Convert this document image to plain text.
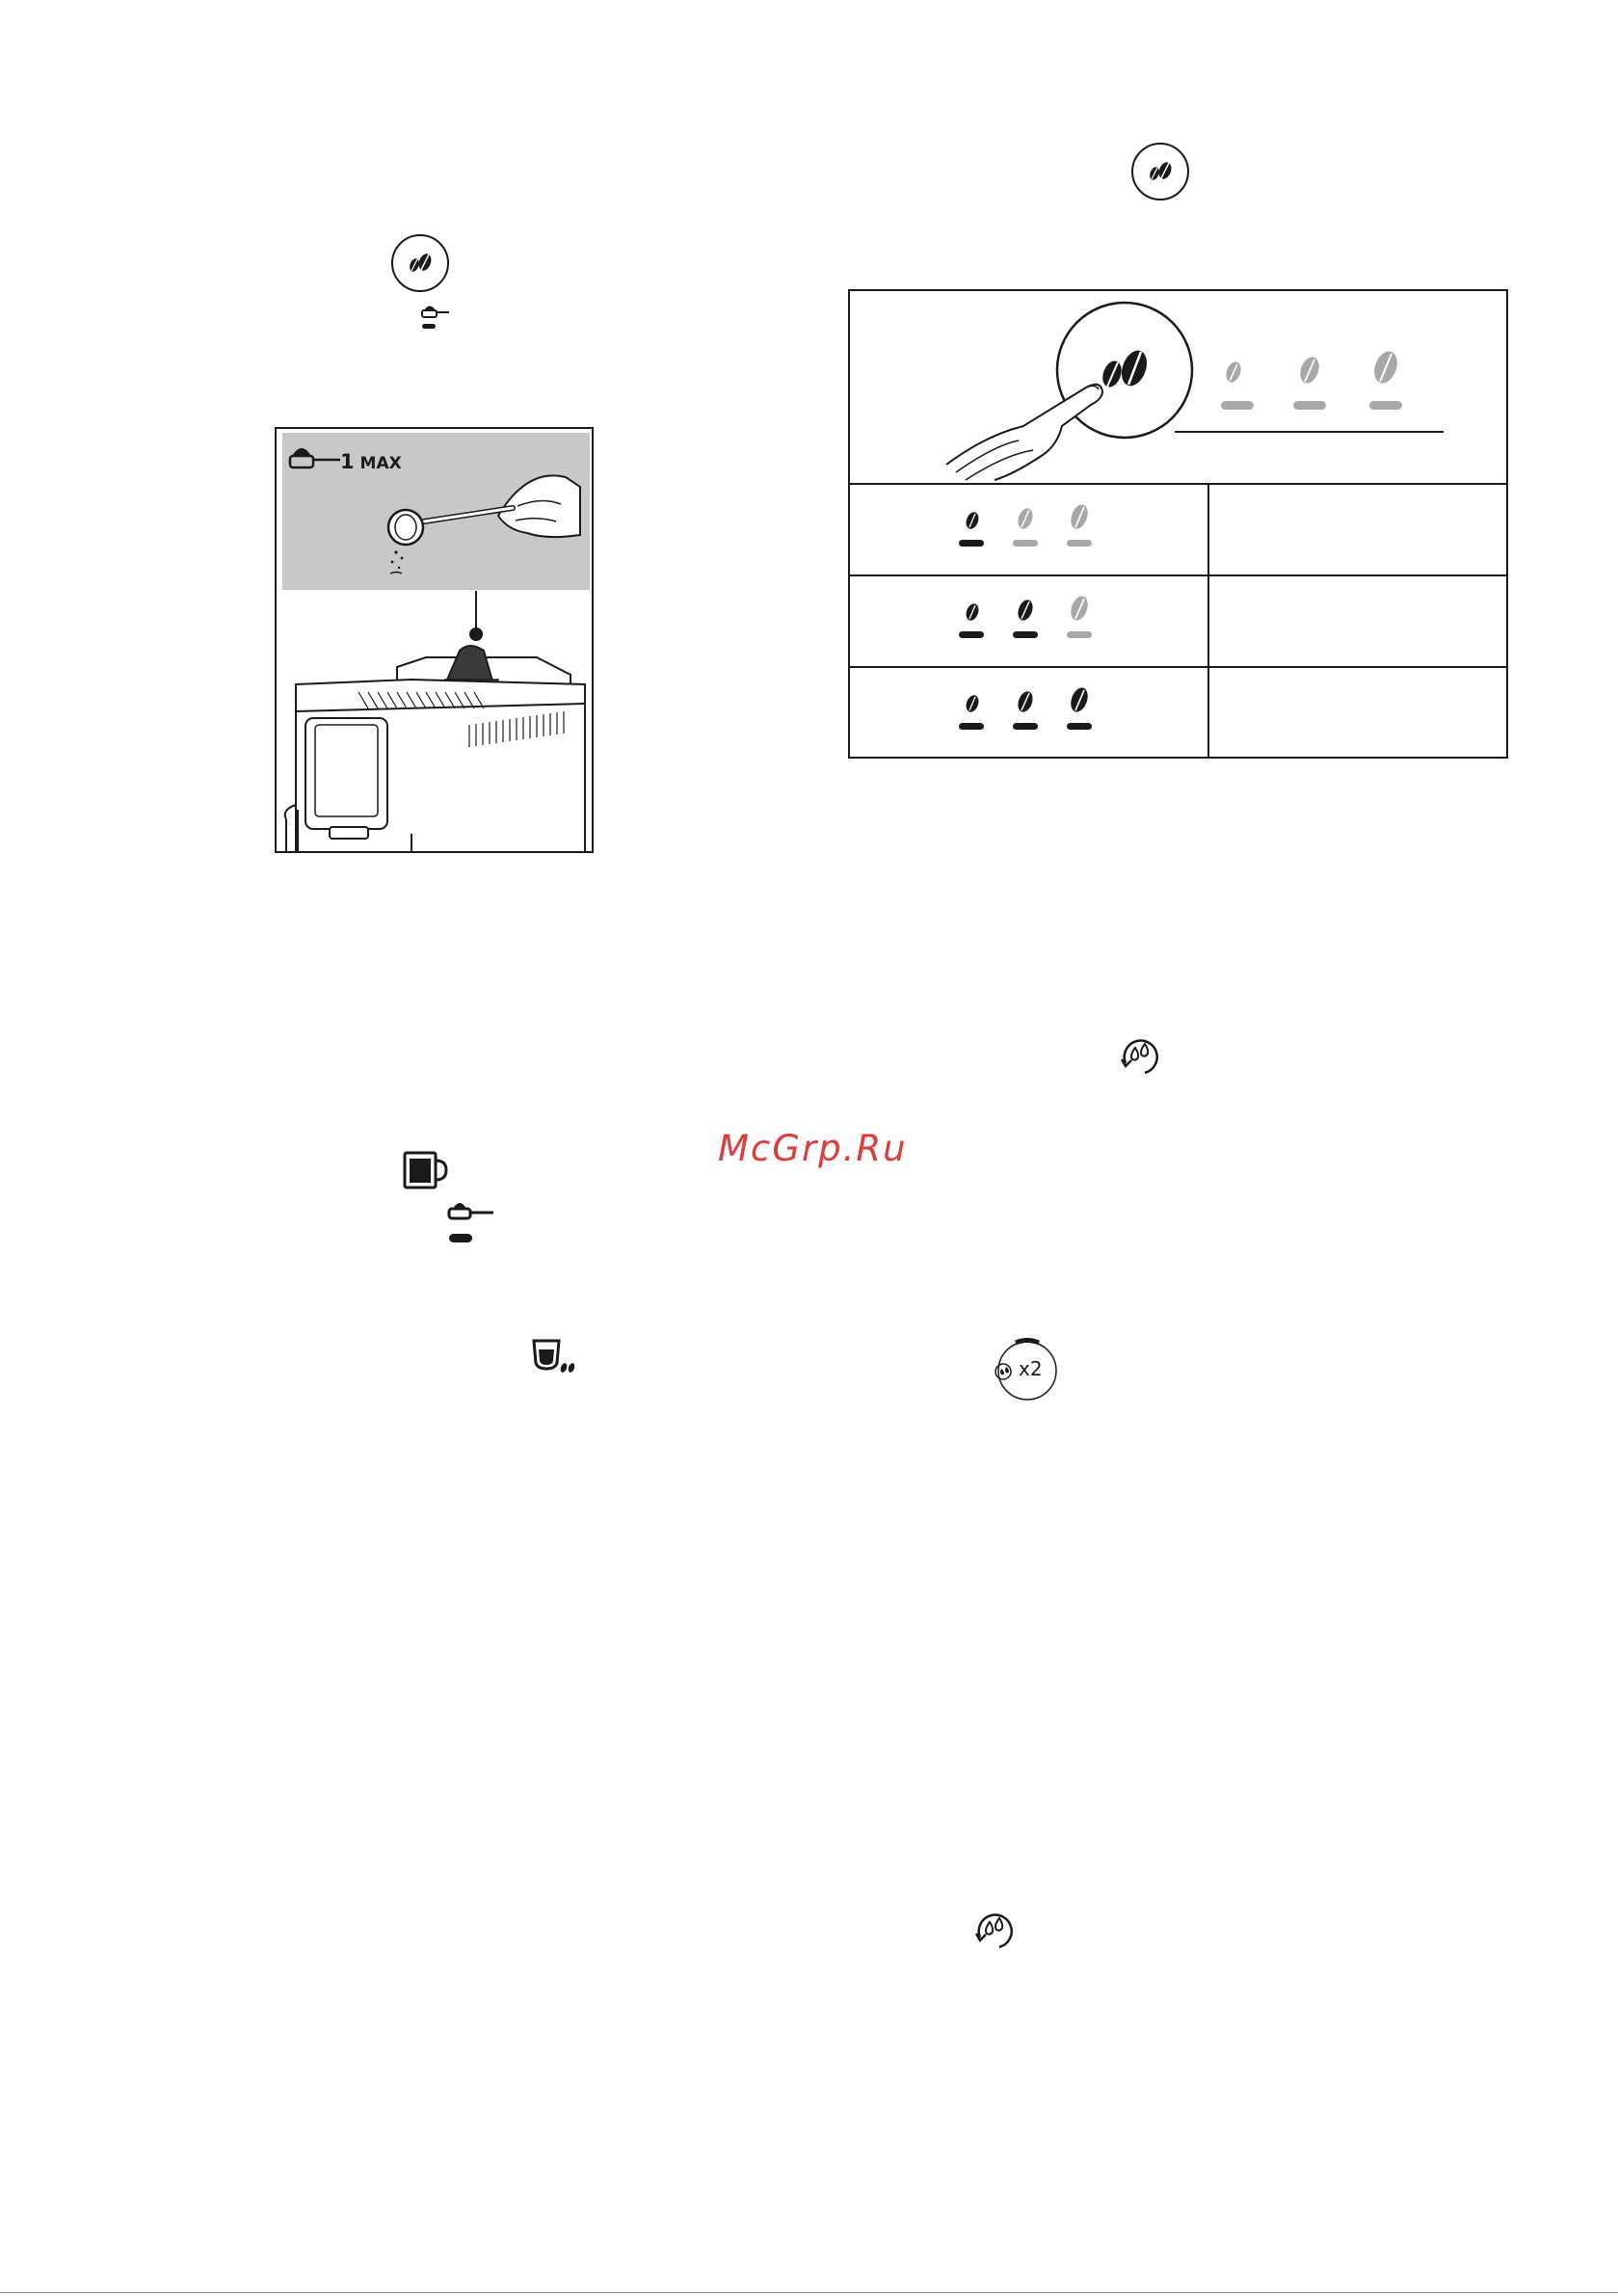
1 MAX
McGrp.Ru
x2
